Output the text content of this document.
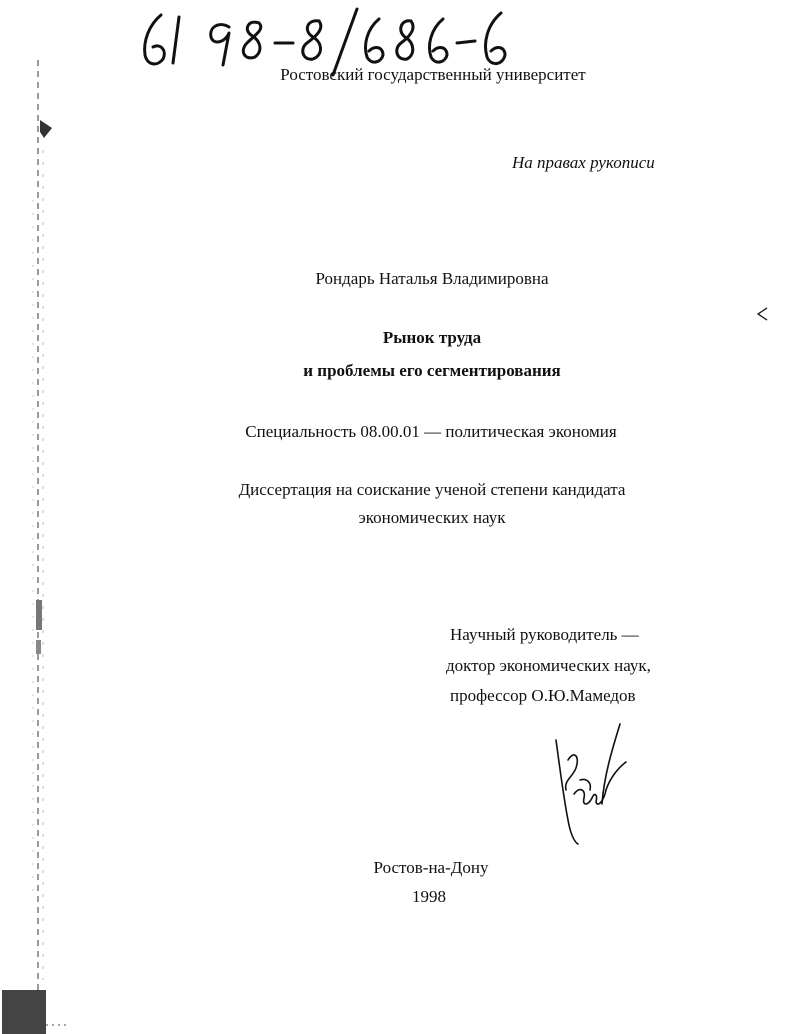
Ростовский государственный университет
На правах рукописи
Рондарь Наталья Владимировна
Рынок труда
и проблемы его сегментирования
Специальность 08.00.01 — политическая экономия
Диссертация на соискание ученой степени кандидата
экономических наук
Научный руководитель —
доктор экономических наук,
профессор О.Ю.Мамедов
Ростов-на-Дону
1998
